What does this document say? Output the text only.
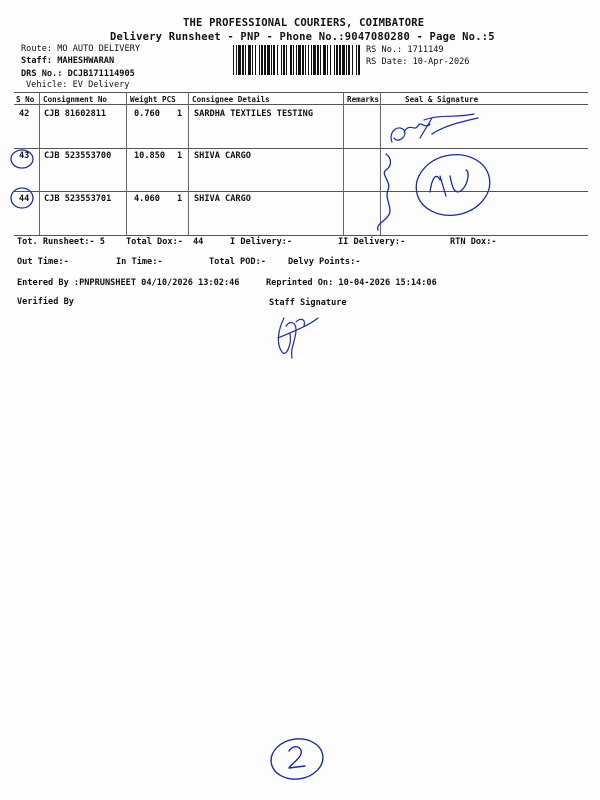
THE PROFESSIONAL COURIERS, COIMBATORE
Delivery Runsheet - PNP - Phone No.:9047080280 - Page No.:5
Route: MO AUTO DELIVERY
Staff: MAHESHWARAN
DRS No.: DCJB171114905
Vehicle: EV Delivery
RS No.: 1711149
RS Date: 10-Apr-2026
S No Consignment No	Weight PCS Consignee Details	Remarks	Seal & Signature
42 CJB 81602811	0.760 1 SARDHA TEXTILES TESTING
43 CJB 523553700	10.850 1 SHIVA CARGO
44 CJB 523553701	4.060 1 SHIVA CARGO
Tot. Runsheet:- 5 Total Dox:- 44	I Delivery:-	II Delivery:-	RTN Dox:-
Out Time:-	In Time:-	Total POD:-	Delvy Points:-
Entered By :PNPRUNSHEET 04/10/2026 13:02:46	Reprinted On: 10-04-2026 15:14:06
Verified By	Staff Signature
